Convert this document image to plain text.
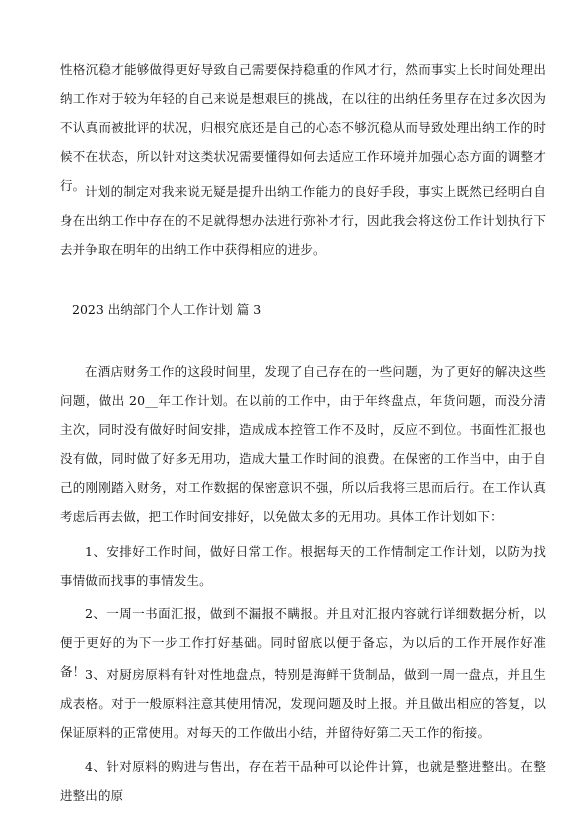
性格沉稳才能够做得更好导致自己需要保持稳重的作风才行，然而事实上长时间处理出纳工作对于较为年轻的自己来说是想艰巨的挑战，在以往的出纳任务里存在过多次因为不认真而被批评的状况，归根究底还是自己的心态不够沉稳从而导致处理出纳工作的时候不在状态，所以针对这类状况需要懂得如何去适应工作环境并加强心态方面的调整才行。 计划的制定对我来说无疑是提升出纳工作能力的良好手段，事实上既然已经明白自身在出纳工作中存在的不足就得想办法进行弥补才行，因此我会将这份工作计划执行下去并争取在明年的出纳工作中获得相应的进步。

2023 出纳部门个人工作计划 篇 3

在酒店财务工作的这段时间里，发现了自己存在的一些问题，为了更好的解决这些问题，做出 20__年工作计划。在以前的工作中，由于年终盘点，年货问题，而没分清主次，同时没有做好时间安排，造成成本控管工作不及时，反应不到位。书面性汇报也没有做，同时做了好多无用功，造成大量工作时间的浪费。在保密的工作当中，由于自己的刚刚踏入财务，对工作数据的保密意识不强，所以后我将三思而后行。在工作认真考虑后再去做，把工作时间安排好，以免做太多的无用功。具体工作计划如下：

1、安排好工作时间，做好日常工作。根据每天的工作情制定工作计划，以防为找事情做而找事的事情发生。

2、一周一书面汇报，做到不漏报不瞒报。并且对汇报内容就行详细数据分析，以便于更好的为下一步工作打好基础。同时留底以便于备忘，为以后的工作开展作好准备！ 3、对厨房原料有针对性地盘点，特别是海鲜干货制品，做到一周一盘点，并且生成表格。对于一般原料注意其使用情况，发现问题及时上报。并且做出相应的答复，以保证原料的正常使用。对每天的工作做出小结，并留待好第二天工作的衔接。

4、针对原料的购进与售出，存在若干品种可以论件计算，也就是整进整出。在整进整出的原
